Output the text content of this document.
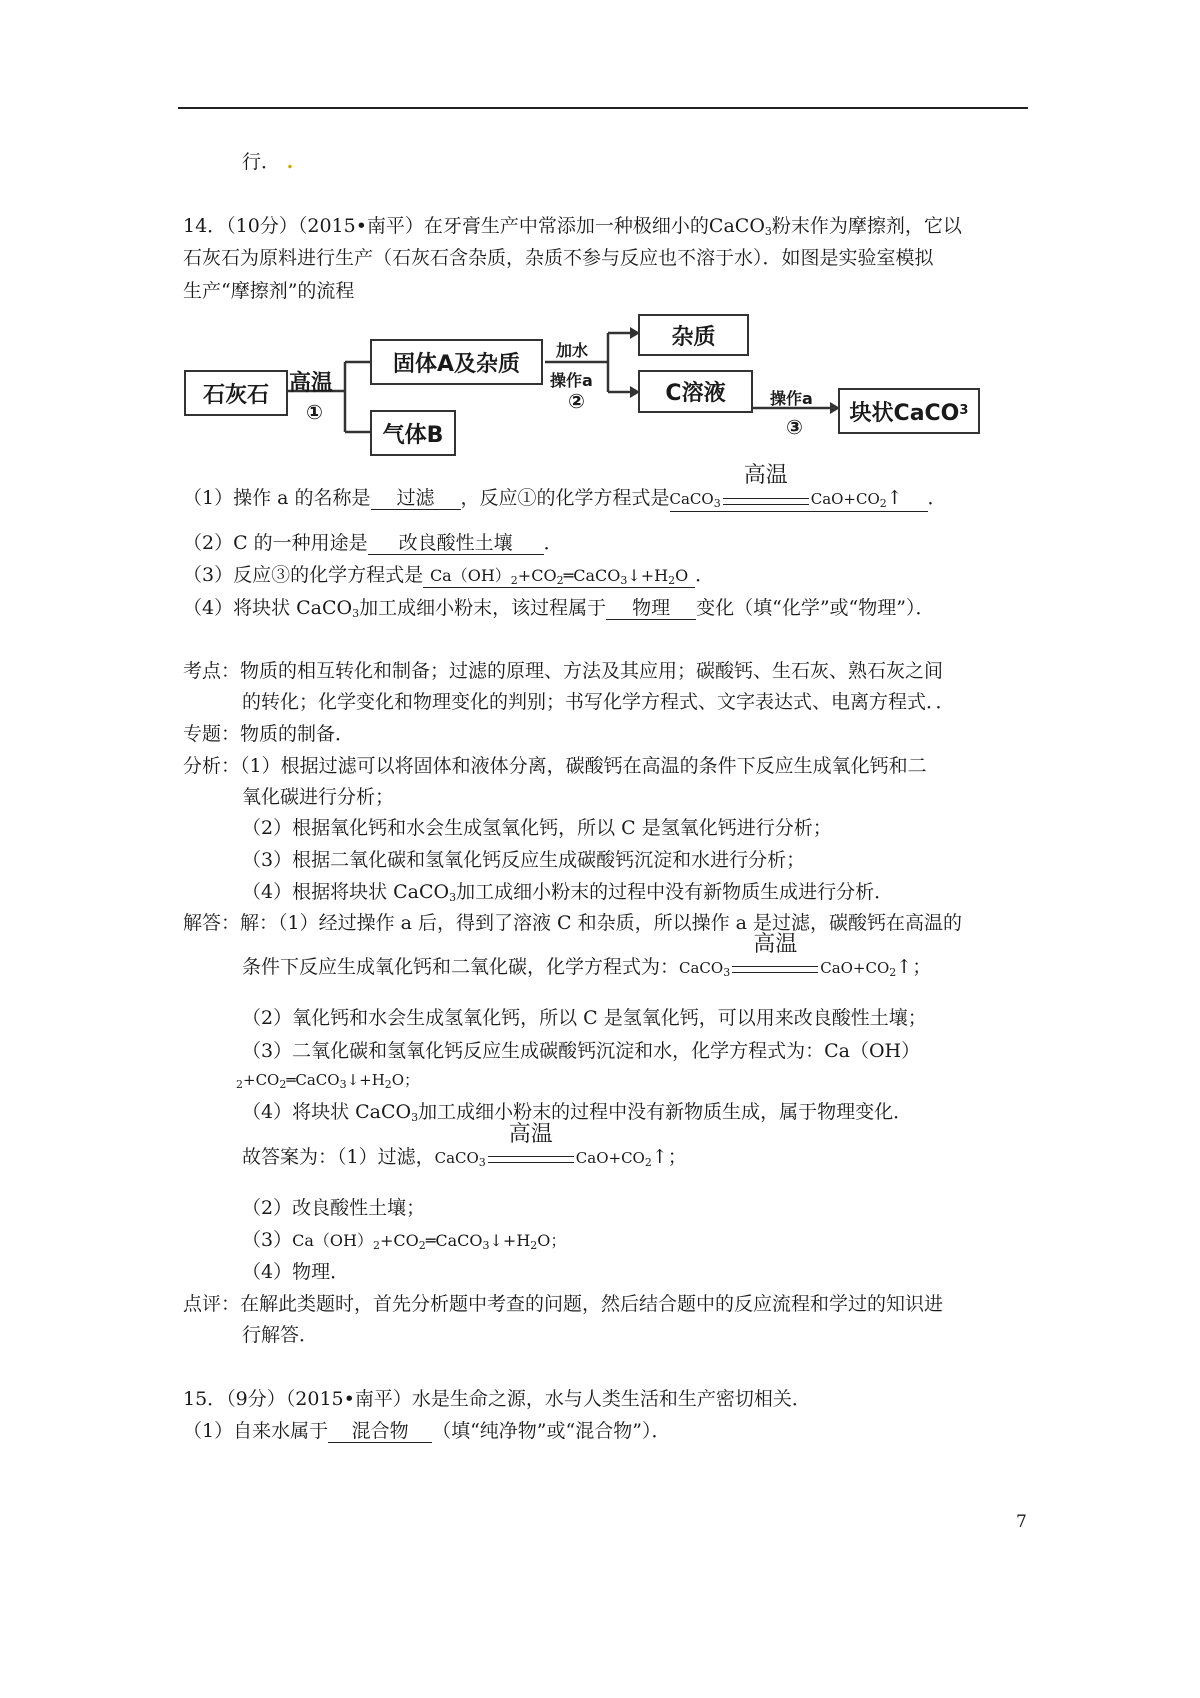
行． .
14．（10分）（2015•南平）在牙膏生产中常添加一种极细小的CaCO$_3$粉末作为摩擦剂，它以
石灰石为原料进行生产（石灰石含杂质，杂质不参与反应也不溶于水）．如图是实验室模拟
生产“摩擦剂”的流程
石灰石 高温
①
固体A及杂质
气体B
加水
操作a
②
杂质
C溶液	操作a
③
块状CaCO 3
（1）操作 a 的名称是 过滤 ，反应①的化学方程式是CaCO$_3$
高温
$CaO+CO_2↑$ ．
（2）C 的一种用途是 改良酸性土壤 ．
（3）反应③的化学方程式是 $Ca(OH)_2+CO_2═CaCO_3↓+H_2O$ ．
（4）将块状 CaCO$_3$加工成细小粉末，该过程属于 物理 变化（填“化学”或“物理”）．
考点：物质的相互转化和制备；过滤的原理、方法及其应用；碳酸钙、生石灰、熟石灰之间
的转化；化学变化和物理变化的判别；书写化学方程式、文字表达式、电离方程式．．
专题：物质的制备．
分析：（1）根据过滤可以将固体和液体分离，碳酸钙在高温的条件下反应生成氧化钙和二
氧化碳进行分析；
（2）根据氧化钙和水会生成氢氧化钙，所以 C 是氢氧化钙进行分析；
（3）根据二氧化碳和氢氧化钙反应生成碳酸钙沉淀和水进行分析；
（4）根据将块状 CaCO$_3$加工成细小粉末的过程中没有新物质生成进行分析．
解答：解：（1）经过操作 a 后，得到了溶液 C 和杂质，所以操作 a 是过滤，碳酸钙在高温的
条件下反应生成氧化钙和二氧化碳，化学方程式为：CaCO$_3$
高温
$CaO+CO_2↑$；
（2）氧化钙和水会生成氢氧化钙，所以 C 是氢氧化钙，可以用来改良酸性土壤；
（3）二氧化碳和氢氧化钙反应生成碳酸钙沉淀和水，化学方程式为：Ca（OH）
$_2+CO_2═CaCO_3↓+H_2O$；
（4）将块状 CaCO$_3$加工成细小粉末的过程中没有新物质生成，属于物理变化．
故答案为：（1）过滤，CaCO$_3$
高温
$CaO+CO_2↑$；
（2）改良酸性土壤；
$(3)Ca(OH)_2+CO_2═CaCO_3↓+H_2O$；
（4）物理．
点评：在解此类题时，首先分析题中考查的问题，然后结合题中的反应流程和学过的知识进
行解答．
15．（9分）（2015•南平）水是生命之源，水与人类生活和生产密切相关．
（1）自来水属于 混合物 （填“纯净物”或“混合物”）．
7
